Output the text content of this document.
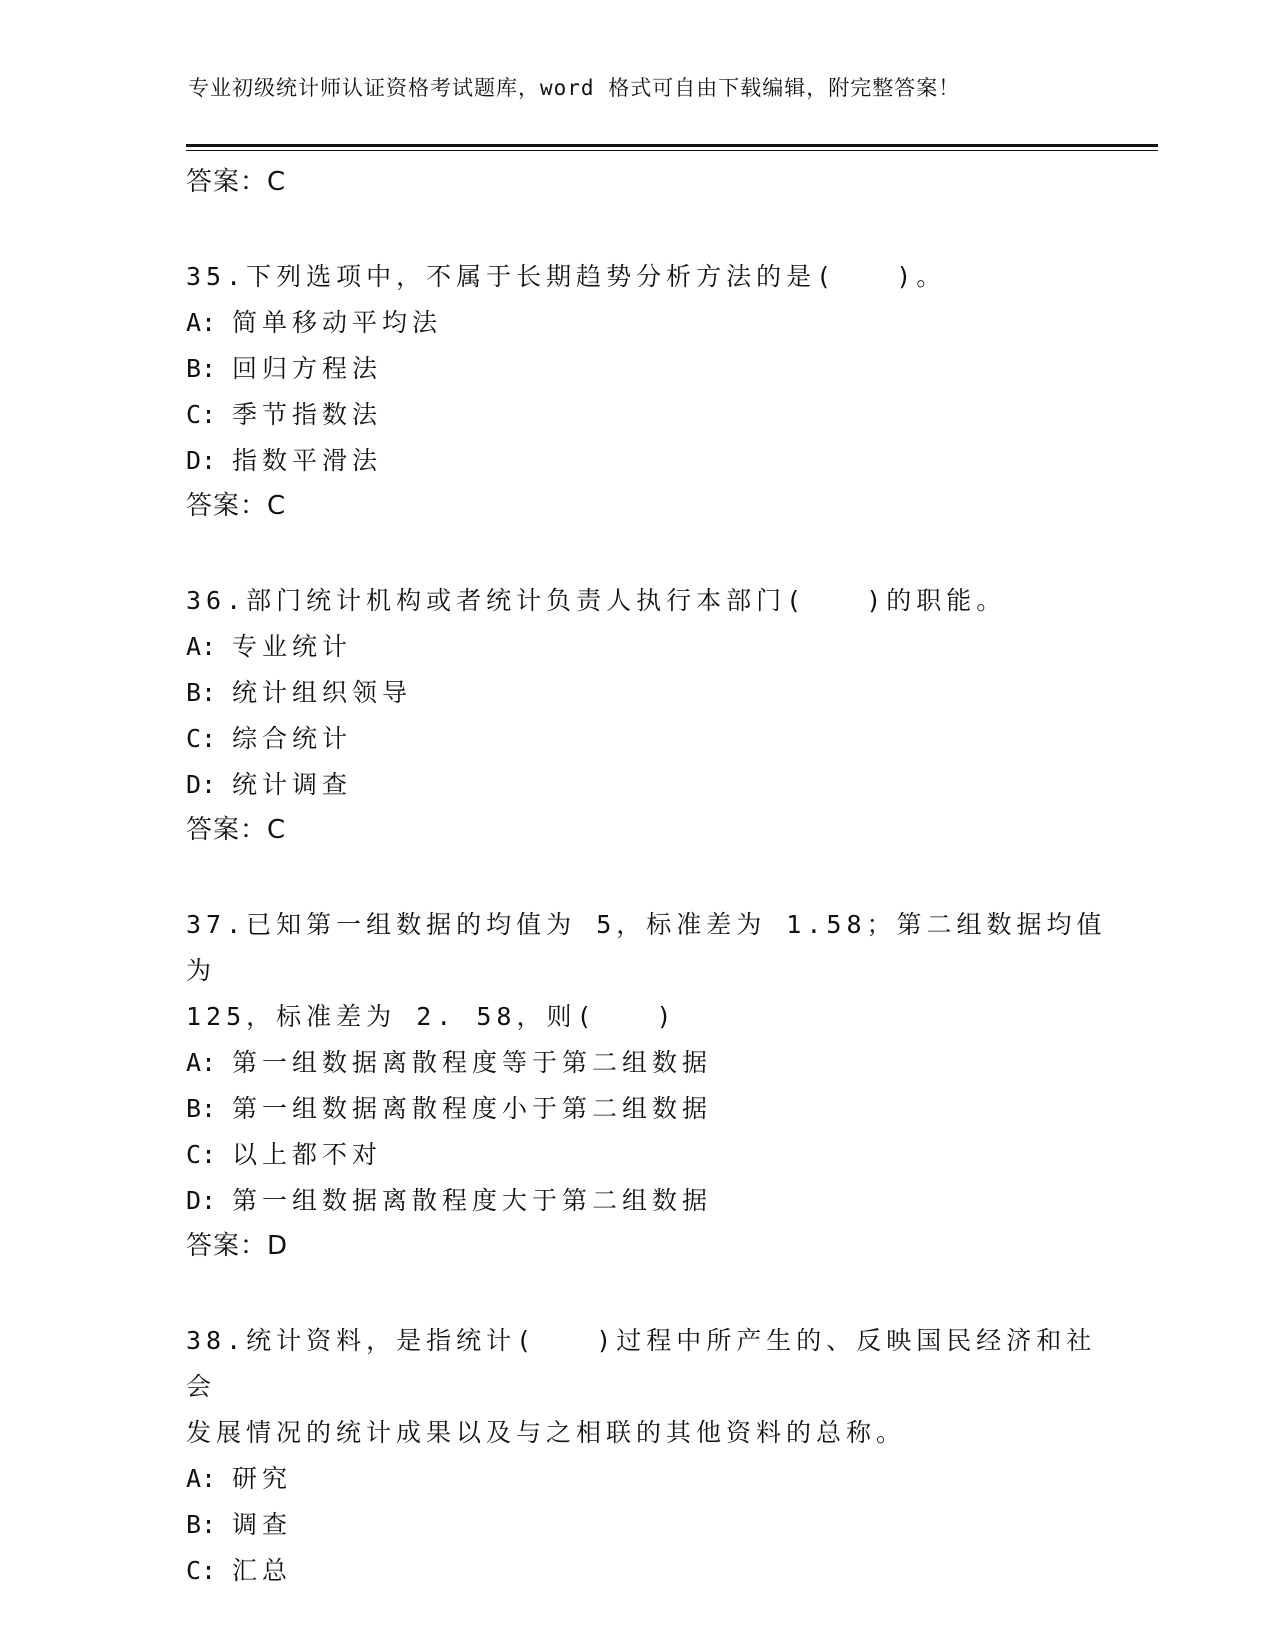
专业初级统计师认证资格考试题库，word 格式可自由下载编辑，附完整答案！
答案：C
35.下列选项中，不属于长期趋势分析方法的是(　　)。
A: 简单移动平均法
B: 回归方程法
C: 季节指数法
D: 指数平滑法
答案：C
36.部门统计机构或者统计负责人执行本部门(　　)的职能。
A: 专业统计
B: 统计组织领导
C: 综合统计
D: 统计调查
答案：C
37.已知第一组数据的均值为 5，标准差为 1.58；第二组数据均值为
125，标准差为 2. 58，则(　　)
A: 第一组数据离散程度等于第二组数据
B: 第一组数据离散程度小于第二组数据
C: 以上都不对
D: 第一组数据离散程度大于第二组数据
答案：D
38.统计资料，是指统计(　　)过程中所产生的、反映国民经济和社会
发展情况的统计成果以及与之相联的其他资料的总称。
A: 研究
B: 调查
C: 汇总
